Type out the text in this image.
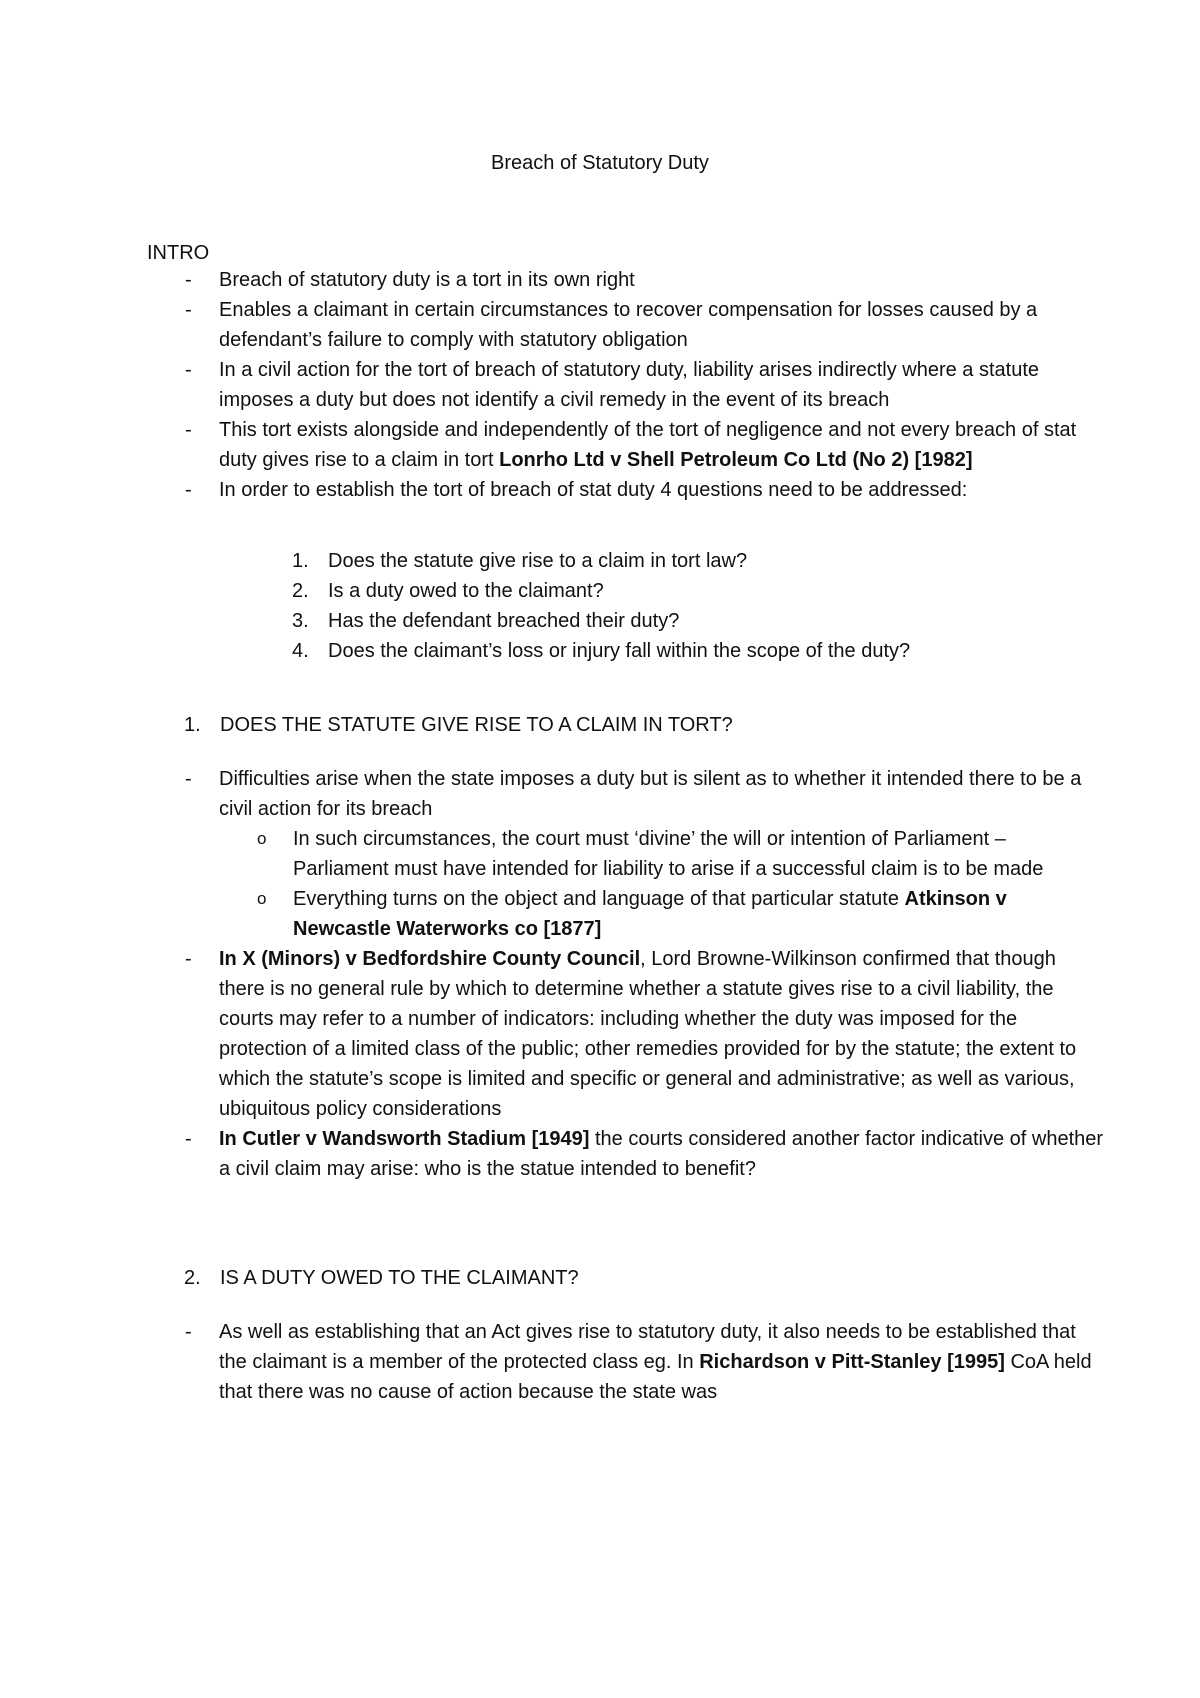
Breach of Statutory Duty
INTRO
- Breach of statutory duty is a tort in its own right
- Enables a claimant in certain circumstances to recover compensation for losses caused by a defendant’s failure to comply with statutory obligation
- In a civil action for the tort of breach of statutory duty, liability arises indirectly where a statute imposes a duty but does not identify a civil remedy in the event of its breach
- This tort exists alongside and independently of the tort of negligence and not every breach of stat duty gives rise to a claim in tort Lonrho Ltd v Shell Petroleum Co Ltd (No 2) [1982]
- In order to establish the tort of breach of stat duty 4 questions need to be addressed:
1. Does the statute give rise to a claim in tort law?
2. Is a duty owed to the claimant?
3. Has the defendant breached their duty?
4. Does the claimant’s loss or injury fall within the scope of the duty?
1. DOES THE STATUTE GIVE RISE TO A CLAIM IN TORT?
- Difficulties arise when the state imposes a duty but is silent as to whether it intended there to be a civil action for its breach
o In such circumstances, the court must ‘divine’ the will or intention of Parliament – Parliament must have intended for liability to arise if a successful claim is to be made
o Everything turns on the object and language of that particular statute Atkinson v Newcastle Waterworks co [1877]
- In X (Minors) v Bedfordshire County Council, Lord Browne-Wilkinson confirmed that though there is no general rule by which to determine whether a statute gives rise to a civil liability, the courts may refer to a number of indicators: including whether the duty was imposed for the protection of a limited class of the public; other remedies provided for by the statute; the extent to which the statute’s scope is limited and specific or general and administrative; as well as various, ubiquitous policy considerations
- In Cutler v Wandsworth Stadium [1949] the courts considered another factor indicative of whether a civil claim may arise: who is the statue intended to benefit?
2. IS A DUTY OWED TO THE CLAIMANT?
- As well as establishing that an Act gives rise to statutory duty, it also needs to be established that the claimant is a member of the protected class eg. In Richardson v Pitt-Stanley [1995] CoA held that there was no cause of action because the state was
